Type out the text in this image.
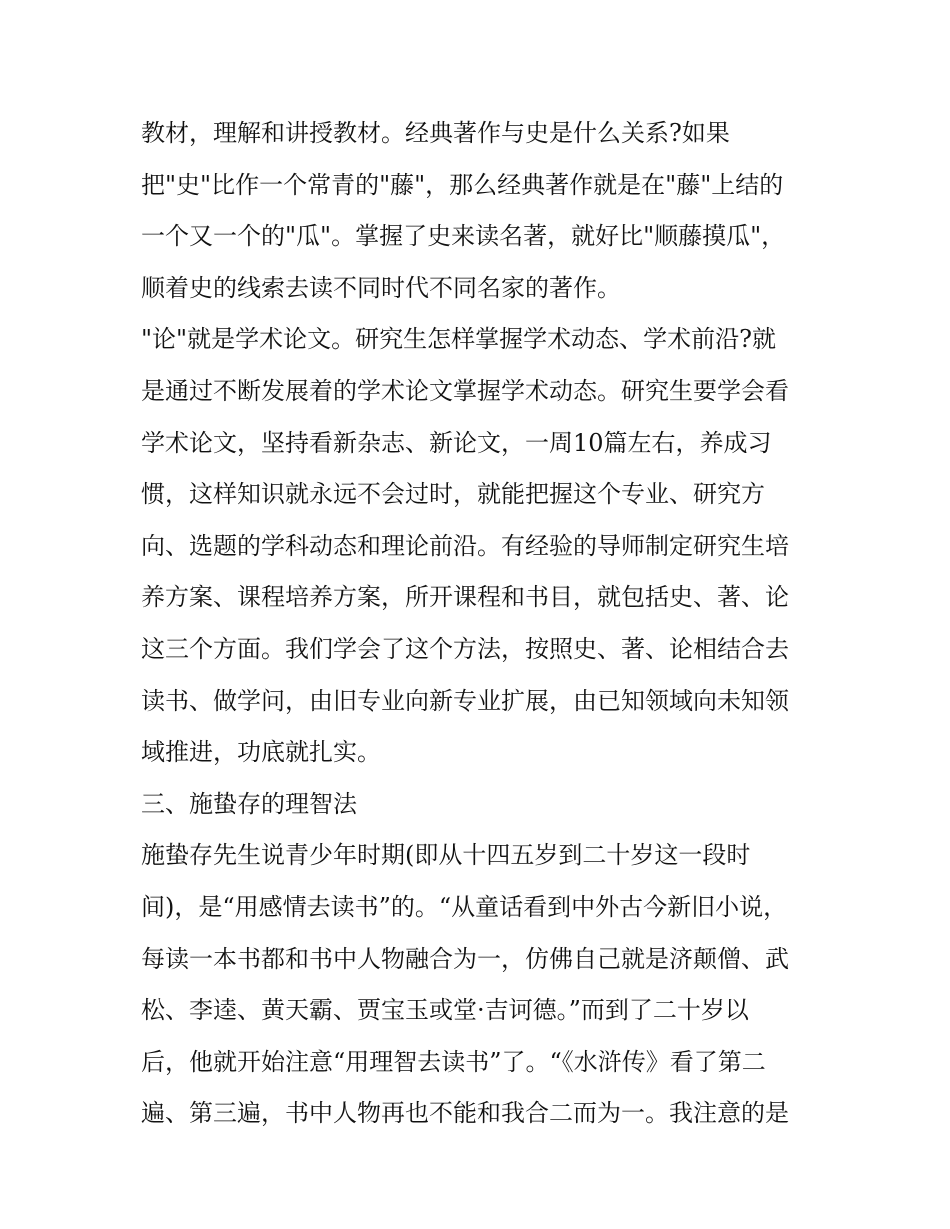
教材，理解和讲授教材。经典著作与史是什么关系?如果
把"史"比作一个常青的"藤"，那么经典著作就是在"藤"上结的
一个又一个的"瓜"。掌握了史来读名著，就好比"顺藤摸瓜"，
顺着史的线索去读不同时代不同名家的著作。
"论"就是学术论文。研究生怎样掌握学术动态、学术前沿?就
是通过不断发展着的学术论文掌握学术动态。研究生要学会看
学术论文，坚持看新杂志、新论文，一周10篇左右，养成习
惯，这样知识就永远不会过时，就能把握这个专业、研究方
向、选题的学科动态和理论前沿。有经验的导师制定研究生培
养方案、课程培养方案，所开课程和书目，就包括史、著、论
这三个方面。我们学会了这个方法，按照史、著、论相结合去
读书、做学问，由旧专业向新专业扩展，由已知领域向未知领
域推进，功底就扎实。
三、施蛰存的理智法
施蛰存先生说青少年时期(即从十四五岁到二十岁这一段时
间)，是“用感情去读书”的。“从童话看到中外古今新旧小说，
每读一本书都和书中人物融合为一，仿佛自己就是济颠僧、武
松、李逵、黄天霸、贾宝玉或堂·吉诃德。”而到了二十岁以
后，他就开始注意“用理智去读书”了。“《水浒传》看了第二
遍、第三遍，书中人物再也不能和我合二而为一。我注意的是
